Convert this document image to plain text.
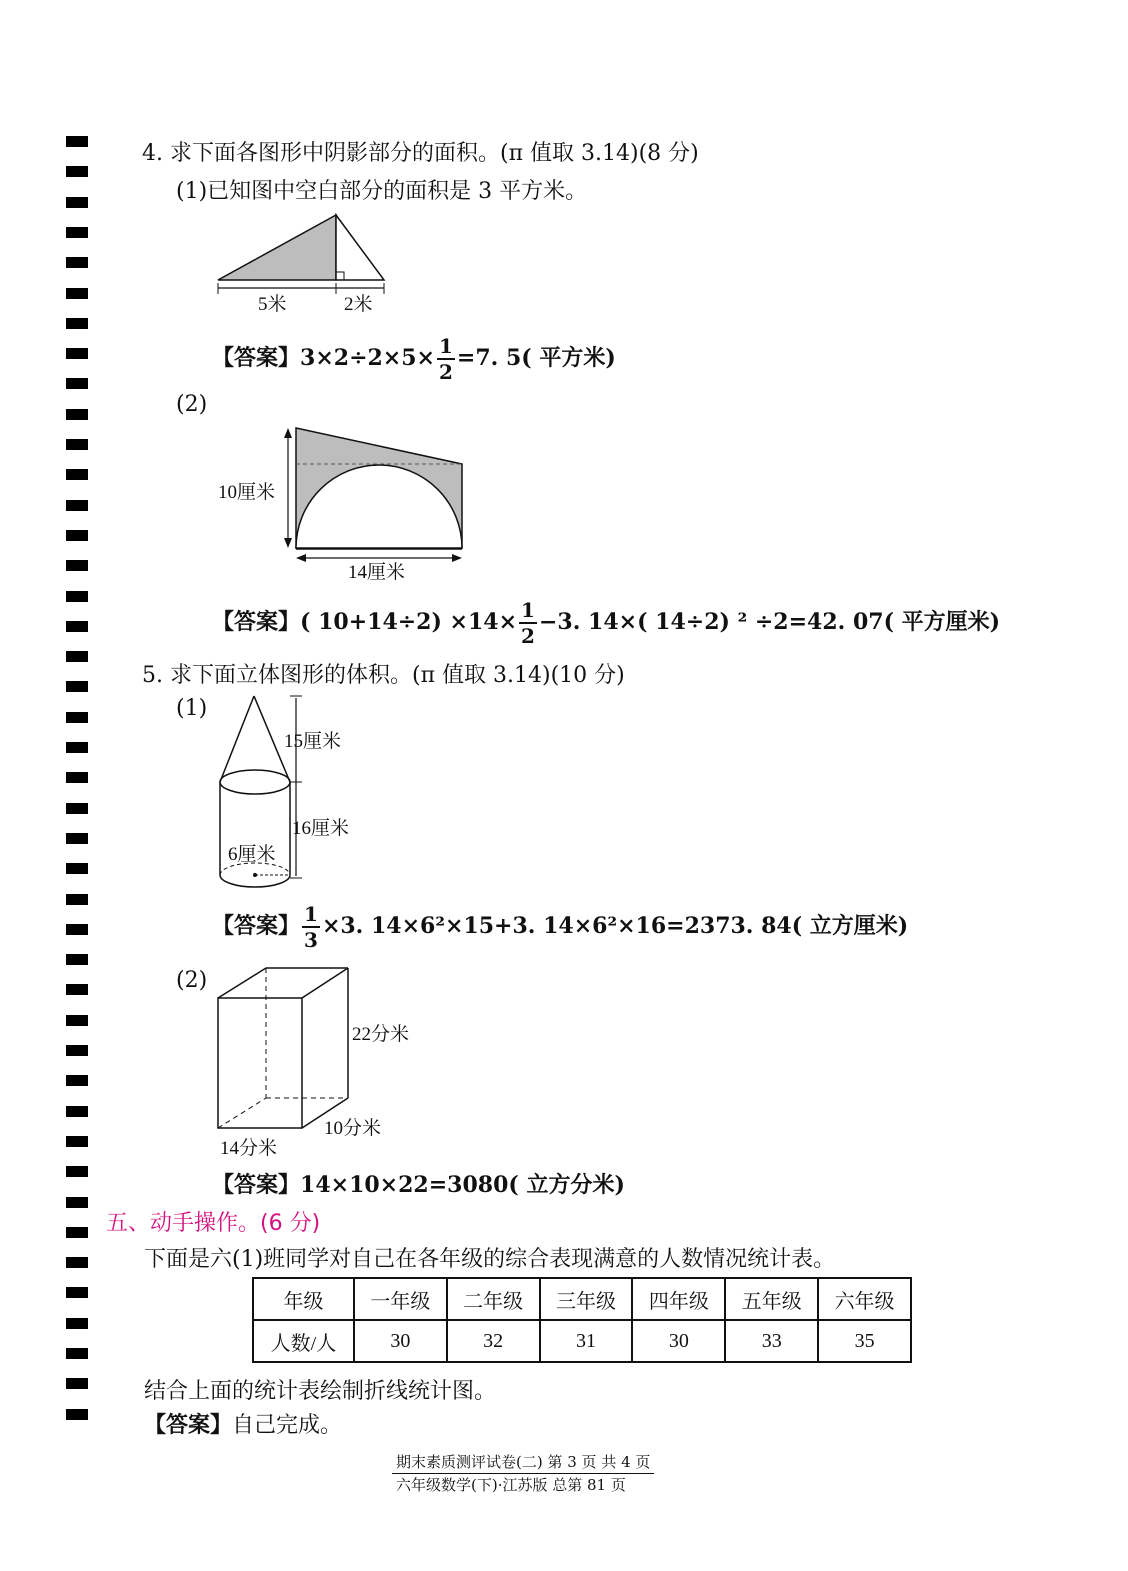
4. 求下面各图形中阴影部分的面积。(π 值取 3.14)(8 分)
(1)已知图中空白部分的面积是 3 平方米。
5米	2米
【答案】$3\times 2\div 2\times 5\times \frac{1}{2} =7$. 5( 平方米)
(2)
10厘米
14厘米
【答案】( $10+14\div 2) \times 14\times \frac{1}{2} -3$. 14×( 14÷2) ² ÷2=42. 07( 平方厘米)
5. 求下面立体图形的体积。(π 值取 3.14)(10 分)
(1)
15厘米
16厘米
6厘米
【答案】 $\frac{1}{3} \times 3$. 14×6²×15+3. 14×6²×16=2373. 84( 立方厘米)
(2)
22分米
10分米
14分米
【答案】14×10×22=3080( 立方分米)
五、动手操作。(6 分)
下面是六(1)班同学对自己在各年级的综合表现满意的人数情况统计表。
年级	一年级	二年级	三年级	四年级	五年级	六年级
人数/人	30	32	31	30	33	35
结合上面的统计表绘制折线统计图。
【答案】自己完成。
期末素质测评试卷(二) 第 3 页 共 4 页
六年级数学(下)·江苏版 总第 81 页
